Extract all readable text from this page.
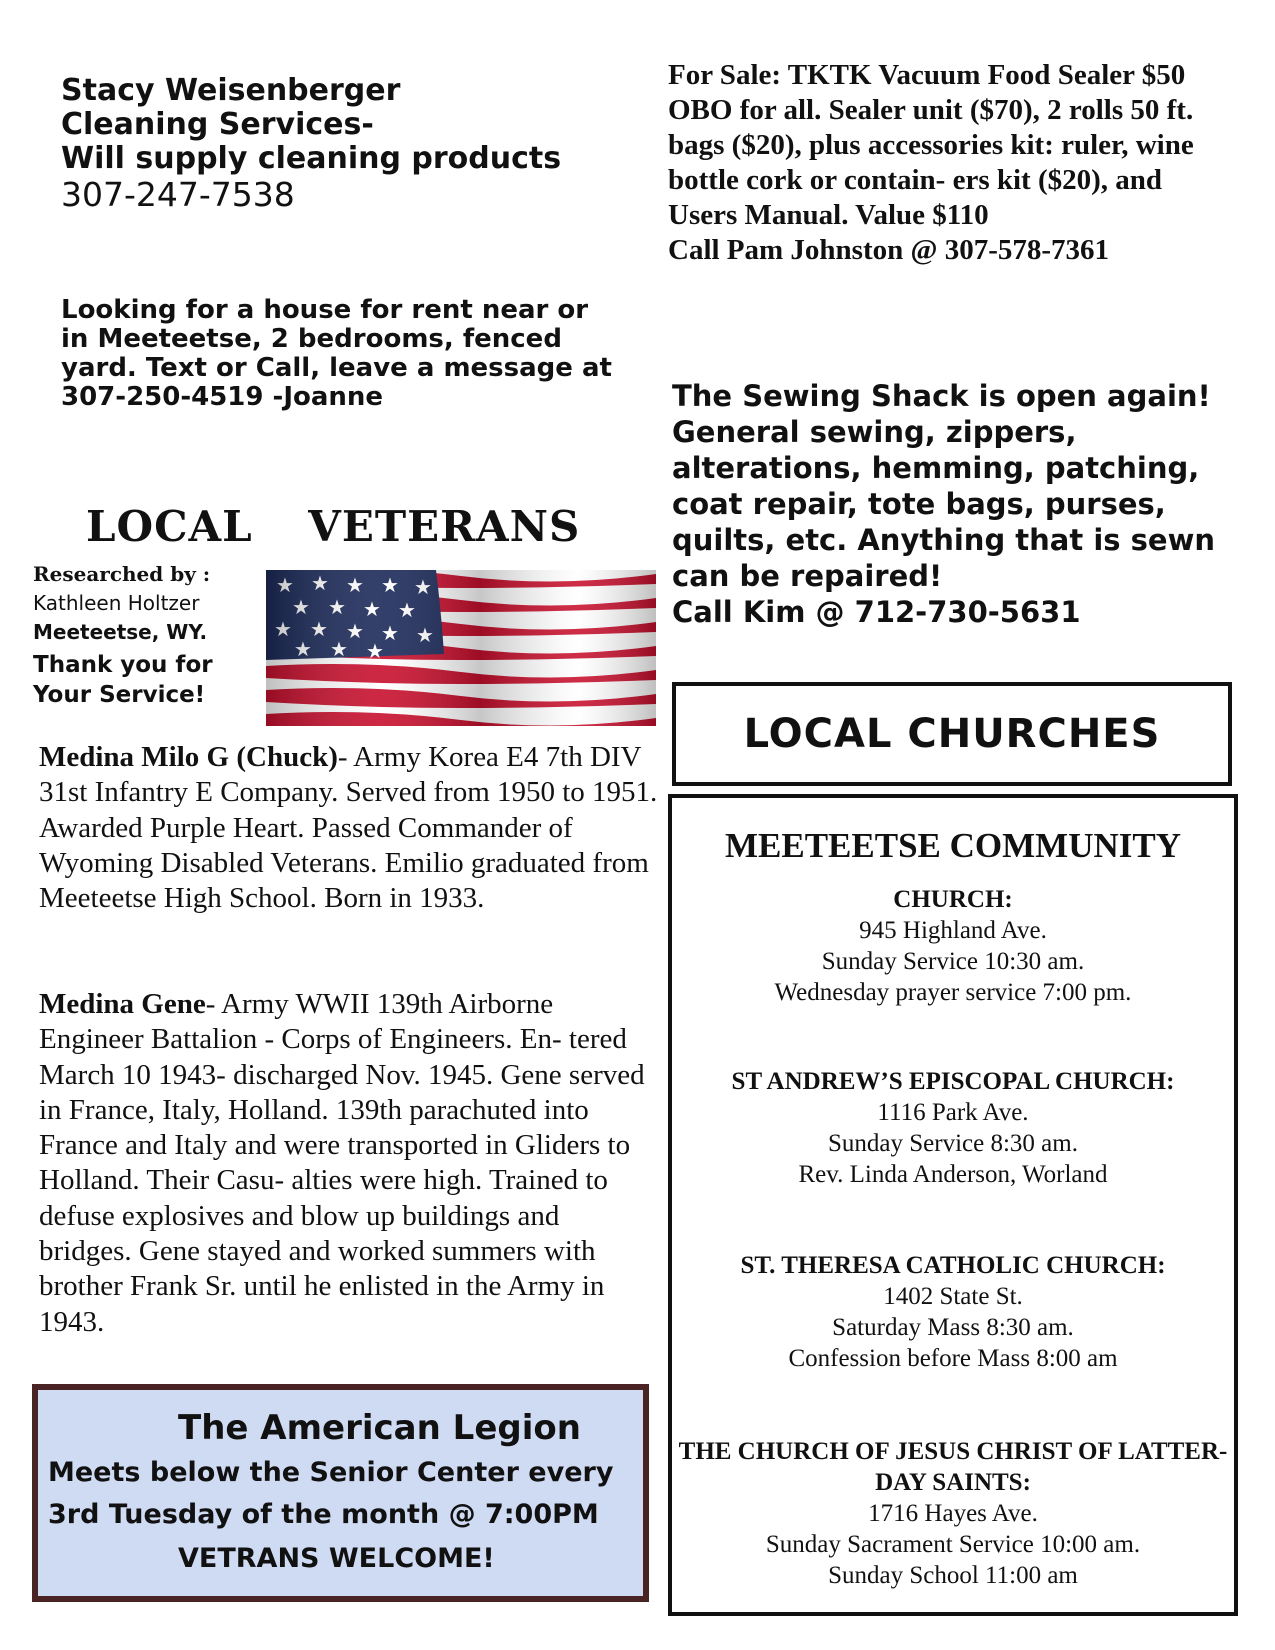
Stacy Weisenberger
Cleaning Services-
Will supply cleaning products
307-247-7538
Looking for a house for rent near or in Meeteetse, 2 bedrooms, fenced yard. Text or Call, leave a message at 307-250-4519 -Joanne
For Sale: TKTK Vacuum Food Sealer $50 OBO for all. Sealer unit ($70), 2 rolls 50 ft. bags ($20), plus accessories kit: ruler, wine bottle cork or contain- ers kit ($20), and Users Manual. Value $110
Call Pam Johnston @ 307-578-7361
The Sewing Shack is open again! General sewing, zippers, alterations, hemming, patching, coat repair, tote bags, purses, quilts, etc. Anything that is sewn can be repaired!
Call Kim @ 712-730-5631
LOCAL VETERANS
Researched by :
Kathleen Holtzer
Meeteetse, WY.
Thank you for Your Service!
Medina Milo G (Chuck)- Army Korea E4 7th DIV 31st Infantry E Company. Served from 1950 to 1951. Awarded Purple Heart. Passed Commander of Wyoming Disabled Veterans. Emilio graduated from Meeteetse High School. Born in 1933.
Medina Gene- Army WWII 139th Airborne Engineer Battalion - Corps of Engineers. En- tered March 10 1943- discharged Nov. 1945. Gene served in France, Italy, Holland. 139th parachuted into France and Italy and were transported in Gliders to Holland. Their Casu- alties were high. Trained to defuse explosives and blow up buildings and bridges. Gene stayed and worked summers with brother Frank Sr. until he enlisted in the Army in 1943.
The American Legion
Meets below the Senior Center every
3rd Tuesday of the month @ 7:00PM
VETRANS WELCOME!
LOCAL CHURCHES
MEETEETSE COMMUNITY
CHURCH:
945 Highland Ave.
Sunday Service 10:30 am.
Wednesday prayer service 7:00 pm.
ST ANDREW’S EPISCOPAL CHURCH:
1116 Park Ave.
Sunday Service 8:30 am.
Rev. Linda Anderson, Worland
ST. THERESA CATHOLIC CHURCH:
1402 State St.
Saturday Mass 8:30 am.
Confession before Mass 8:00 am
THE CHURCH OF JESUS CHRIST OF LATTER-DAY SAINTS:
1716 Hayes Ave.
Sunday Sacrament Service 10:00 am.
Sunday School 11:00 am
